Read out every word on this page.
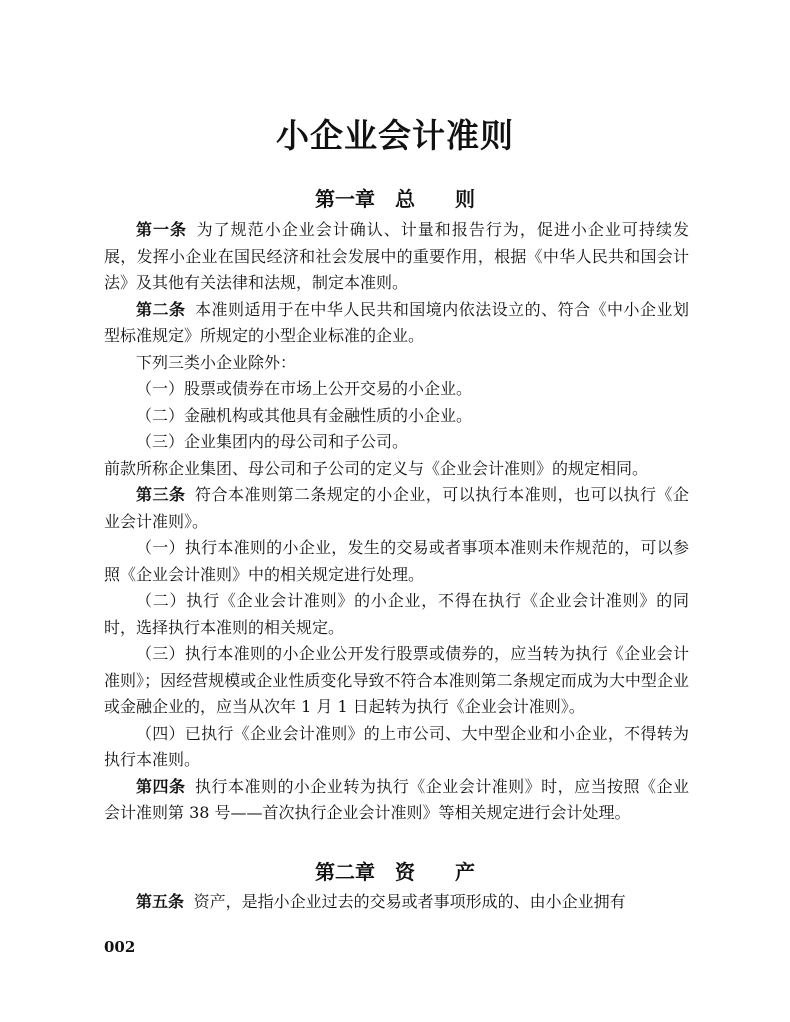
小企业会计准则
第一章　总　　则

第一条 为了规范小企业会计确认、计量和报告行为，促进小企业可持续发展，发挥小企业在国民经济和社会发展中的重要作用，根据《中华人民共和国会计法》及其他有关法律和法规，制定本准则。

第二条 本准则适用于在中华人民共和国境内依法设立的、符合《中小企业划型标准规定》所规定的小型企业标准的企业。

下列三类小企业除外：

（一）股票或债券在市场上公开交易的小企业。

（二）金融机构或其他具有金融性质的小企业。

（三）企业集团内的母公司和子公司。

前款所称企业集团、母公司和子公司的定义与《企业会计准则》的规定相同。

第三条 符合本准则第二条规定的小企业，可以执行本准则，也可以执行《企业会计准则》。

（一）执行本准则的小企业，发生的交易或者事项本准则未作规范的，可以参照《企业会计准则》中的相关规定进行处理。

（二）执行《企业会计准则》的小企业，不得在执行《企业会计准则》的同时，选择执行本准则的相关规定。

（三）执行本准则的小企业公开发行股票或债券的，应当转为执行《企业会计准则》；因经营规模或企业性质变化导致不符合本准则第二条规定而成为大中型企业或金融企业的，应当从次年 1 月 1 日起转为执行《企业会计准则》。

（四）已执行《企业会计准则》的上市公司、大中型企业和小企业，不得转为执行本准则。

第四条 执行本准则的小企业转为执行《企业会计准则》时，应当按照《企业会计准则第 38 号——首次执行企业会计准则》等相关规定进行会计处理。

第二章　资　　产

第五条 资产，是指小企业过去的交易或者事项形成的、由小企业拥有

002
